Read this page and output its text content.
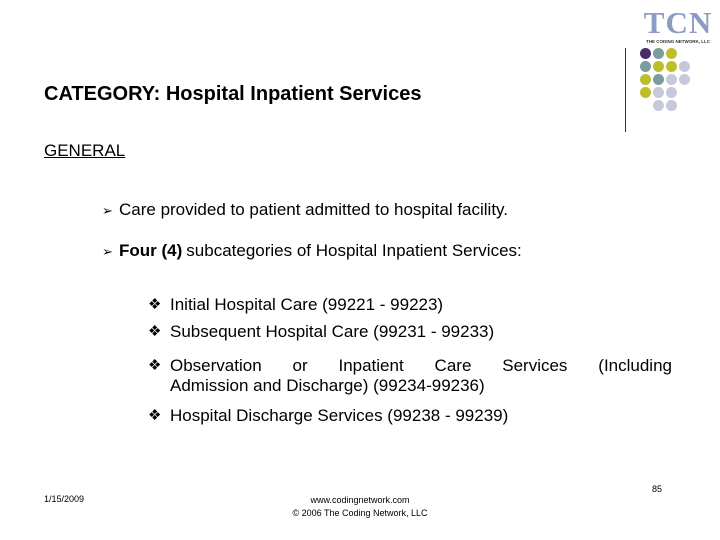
TCN
THE CODING NETWORK, LLC
CATEGORY: Hospital Inpatient Services
GENERAL
➢ Care provided to patient admitted to hospital facility.
➢ Four (4) subcategories of Hospital Inpatient Services:
❖ Initial Hospital Care (99221 - 99223)
❖ Subsequent Hospital Care (99231 - 99233)
❖ Observation or Inpatient Care Services (Including
Admission and Discharge) (99234-99236)
❖ Hospital Discharge Services (99238 - 99239)
85
1/15/2009	www.codingnetwork.com
© 2006 The Coding Network, LLC
